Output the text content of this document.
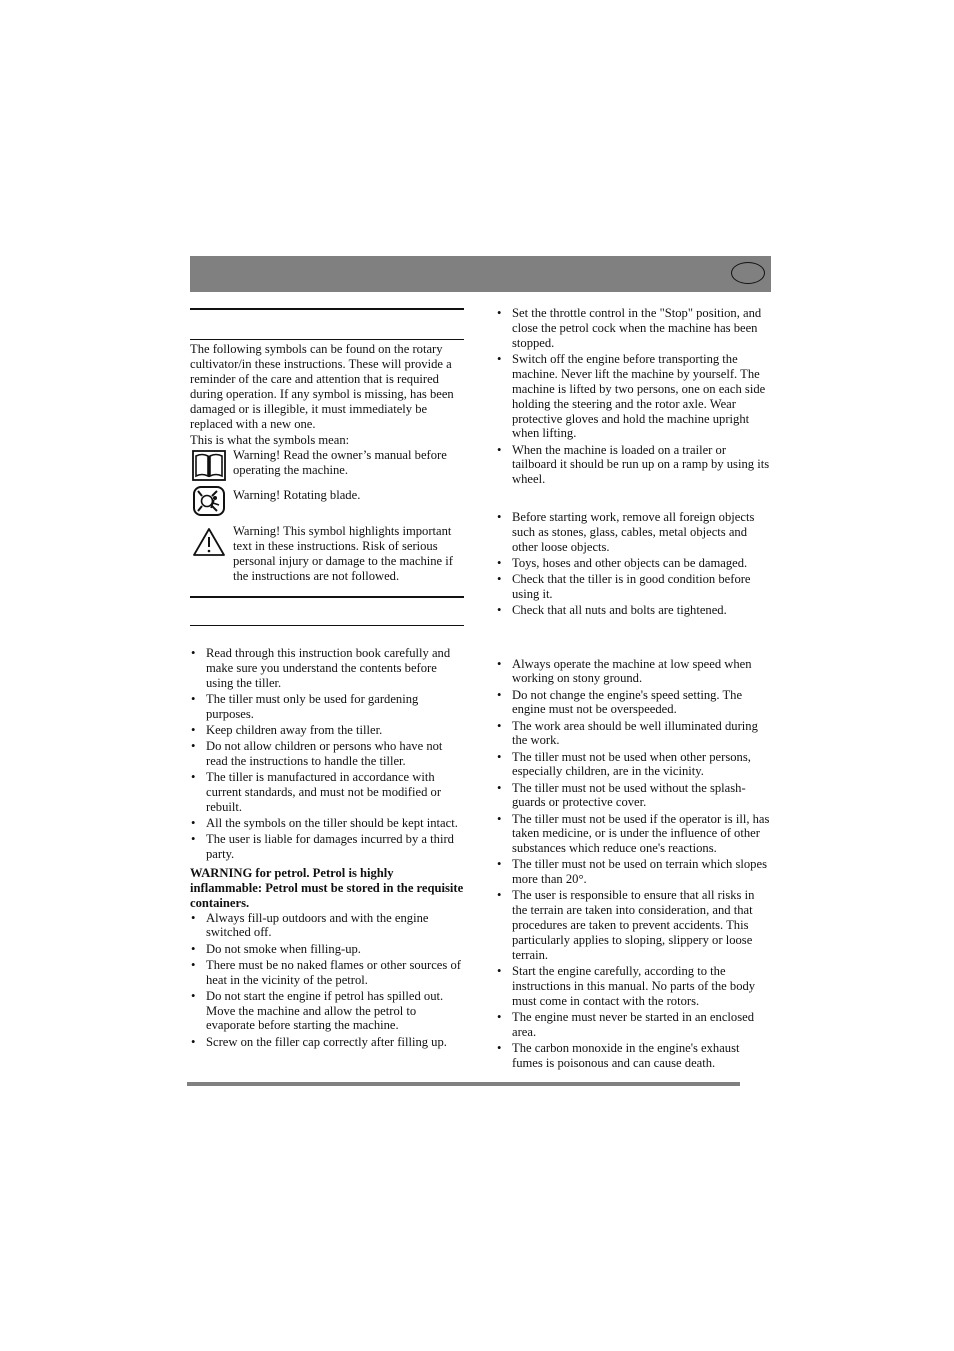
The following symbols can be found on the rotary cultivator/in these instructions. These will provide a reminder of the care and attention that is required during operation. If any symbol is missing, has been damaged or is illegible, it must immediately be replaced with a new one.

This is what the symbols mean:

Warning! Read the owner’s manual before operating the machine.
Warning! Rotating blade.
Warning! This symbol highlights important text in these instructions. Risk of serious personal injury or damage to the machine if the instructions are not followed.
• Read through this instruction book carefully and make sure you understand the contents before using the tiller.
• The tiller must only be used for gardening purposes.
• Keep children away from the tiller.
• Do not allow children or persons who have not read the instructions to handle the tiller.
• The tiller is manufactured in accordance with current standards, and must not be modified or rebuilt.
• All the symbols on the tiller should be kept intact.
• The user is liable for damages incurred by a third party.

WARNING for petrol. Petrol is highly inflammable: Petrol must be stored in the requisite containers.

• Always fill-up outdoors and with the engine switched off.
• Do not smoke when filling-up.
• There must be no naked flames or other sources of heat in the vicinity of the petrol.
• Do not start the engine if petrol has spilled out. Move the machine and allow the petrol to evaporate before starting the machine.
• Screw on the filler cap correctly after filling up.
• Set the throttle control in the "Stop" position, and close the petrol cock when the machine has been stopped.
• Switch off the engine before transporting the machine. Never lift the machine by yourself. The machine is lifted by two persons, one on each side holding the steering and the rotor axle. Wear protective gloves and hold the machine upright when lifting.
• When the machine is loaded on a trailer or tailboard it should be run up on a ramp by using its wheel.
• Before starting work, remove all foreign objects such as stones, glass, cables, metal objects and other loose objects.
• Toys, hoses and other objects can be damaged.
• Check that the tiller is in good condition before using it.
• Check that all nuts and bolts are tightened.
• Always operate the machine at low speed when working on stony ground.
• Do not change the engine's speed setting. The engine must not be overspeeded.
• The work area should be well illuminated during the work.
• The tiller must not be used when other persons, especially children, are in the vicinity.
• The tiller must not be used without the splash-guards or protective cover.
• The tiller must not be used if the operator is ill, has taken medicine, or is under the influence of other substances which reduce one's reactions.
• The tiller must not be used on terrain which slopes more than 20°.
• The user is responsible to ensure that all risks in the terrain are taken into consideration, and that procedures are taken to prevent accidents. This particularly applies to sloping, slippery or loose terrain.
• Start the engine carefully, according to the instructions in this manual. No parts of the body must come in contact with the rotors.
• The engine must never be started in an enclosed area.
• The carbon monoxide in the engine's exhaust fumes is poisonous and can cause death.
